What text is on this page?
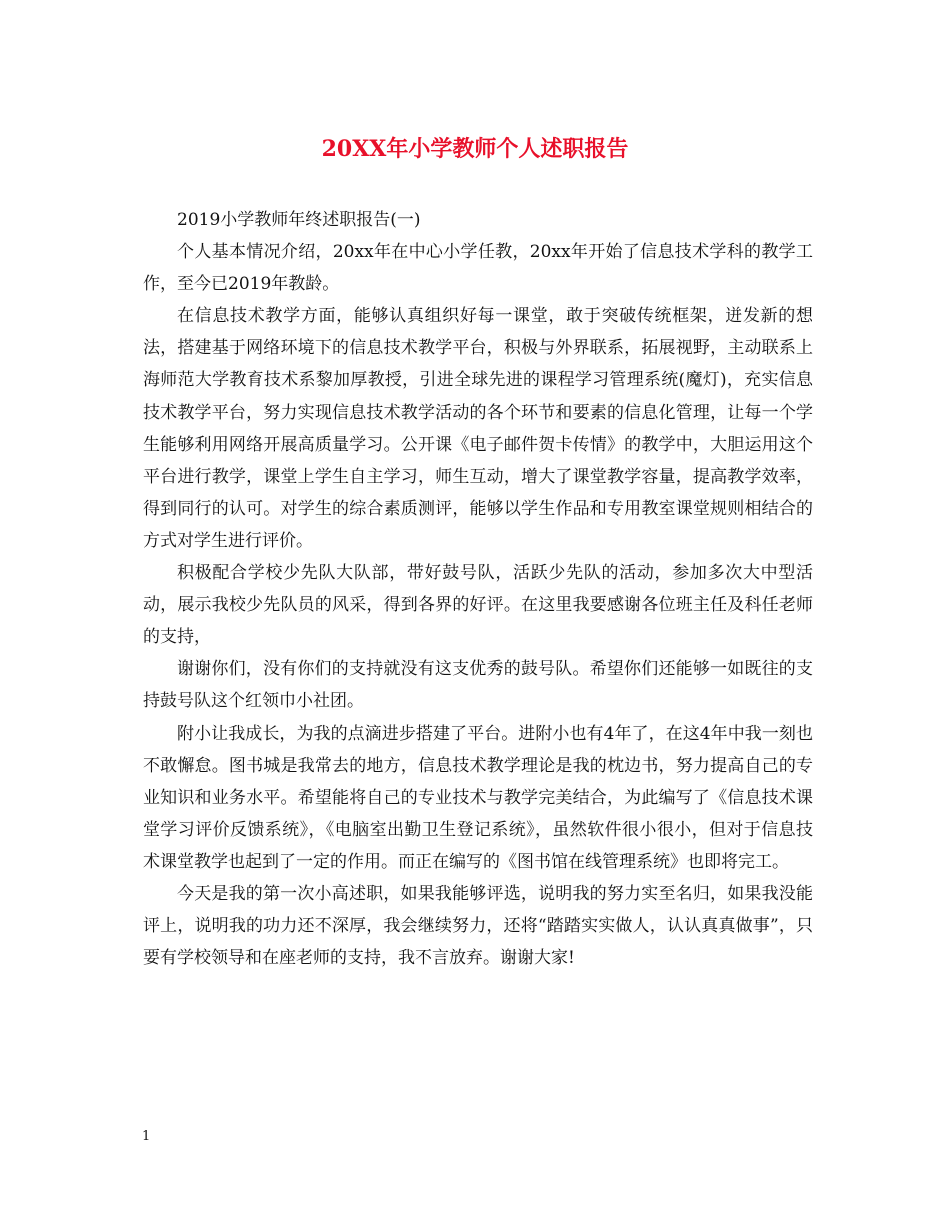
20XX年小学教师个人述职报告

2019小学教师年终述职报告(一)

个人基本情况介绍，20xx年在中心小学任教，20xx年开始了信息技术学科的教学工作，至今已2019年教龄。

在信息技术教学方面，能够认真组织好每一课堂，敢于突破传统框架，迸发新的想法，搭建基于网络环境下的信息技术教学平台，积极与外界联系，拓展视野，主动联系上海师范大学教育技术系黎加厚教授，引进全球先进的课程学习管理系统(魔灯)，充实信息技术教学平台，努力实现信息技术教学活动的各个环节和要素的信息化管理，让每一个学生能够利用网络开展高质量学习。公开课《电子邮件贺卡传情》的教学中，大胆运用这个平台进行教学，课堂上学生自主学习，师生互动，增大了课堂教学容量，提高教学效率，得到同行的认可。对学生的综合素质测评，能够以学生作品和专用教室课堂规则相结合的方式对学生进行评价。

积极配合学校少先队大队部，带好鼓号队，活跃少先队的活动，参加多次大中型活动，展示我校少先队员的风采，得到各界的好评。在这里我要感谢各位班主任及科任老师的支持，

谢谢你们，没有你们的支持就没有这支优秀的鼓号队。希望你们还能够一如既往的支持鼓号队这个红领巾小社团。

附小让我成长，为我的点滴进步搭建了平台。进附小也有4年了，在这4年中我一刻也不敢懈怠。图书城是我常去的地方，信息技术教学理论是我的枕边书，努力提高自己的专业知识和业务水平。希望能将自己的专业技术与教学完美结合，为此编写了《信息技术课堂学习评价反馈系统》，《电脑室出勤卫生登记系统》，虽然软件很小很小，但对于信息技术课堂教学也起到了一定的作用。而正在编写的《图书馆在线管理系统》也即将完工。

今天是我的第一次小高述职，如果我能够评选，说明我的努力实至名归，如果我没能评上，说明我的功力还不深厚，我会继续努力，还将“踏踏实实做人，认认真真做事”，只要有学校领导和在座老师的支持，我不言放弃。谢谢大家!

1
